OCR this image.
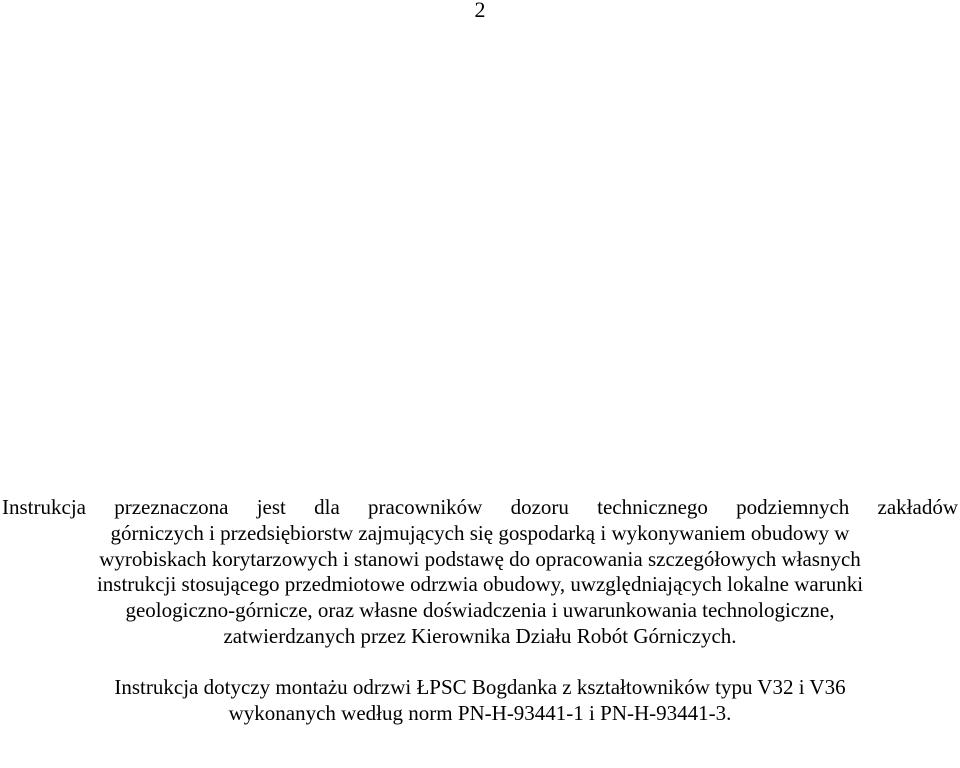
2
Instrukcja przeznaczona jest dla pracowników dozoru technicznego podziemnych zakładów
górniczych i przedsiębiorstw zajmujących się gospodarką i wykonywaniem obudowy w
wyrobiskach korytarzowych i stanowi podstawę do opracowania szczegółowych własnych
instrukcji stosującego przedmiotowe odrzwia obudowy, uwzględniających lokalne warunki
geologiczno-górnicze, oraz własne doświadczenia i uwarunkowania technologiczne,
zatwierdzanych przez Kierownika Działu Robót Górniczych.
Instrukcja dotyczy montażu odrzwi ŁPSC Bogdanka z kształtowników typu V32 i V36
wykonanych według norm PN-H-93441-1 i PN-H-93441-3.
